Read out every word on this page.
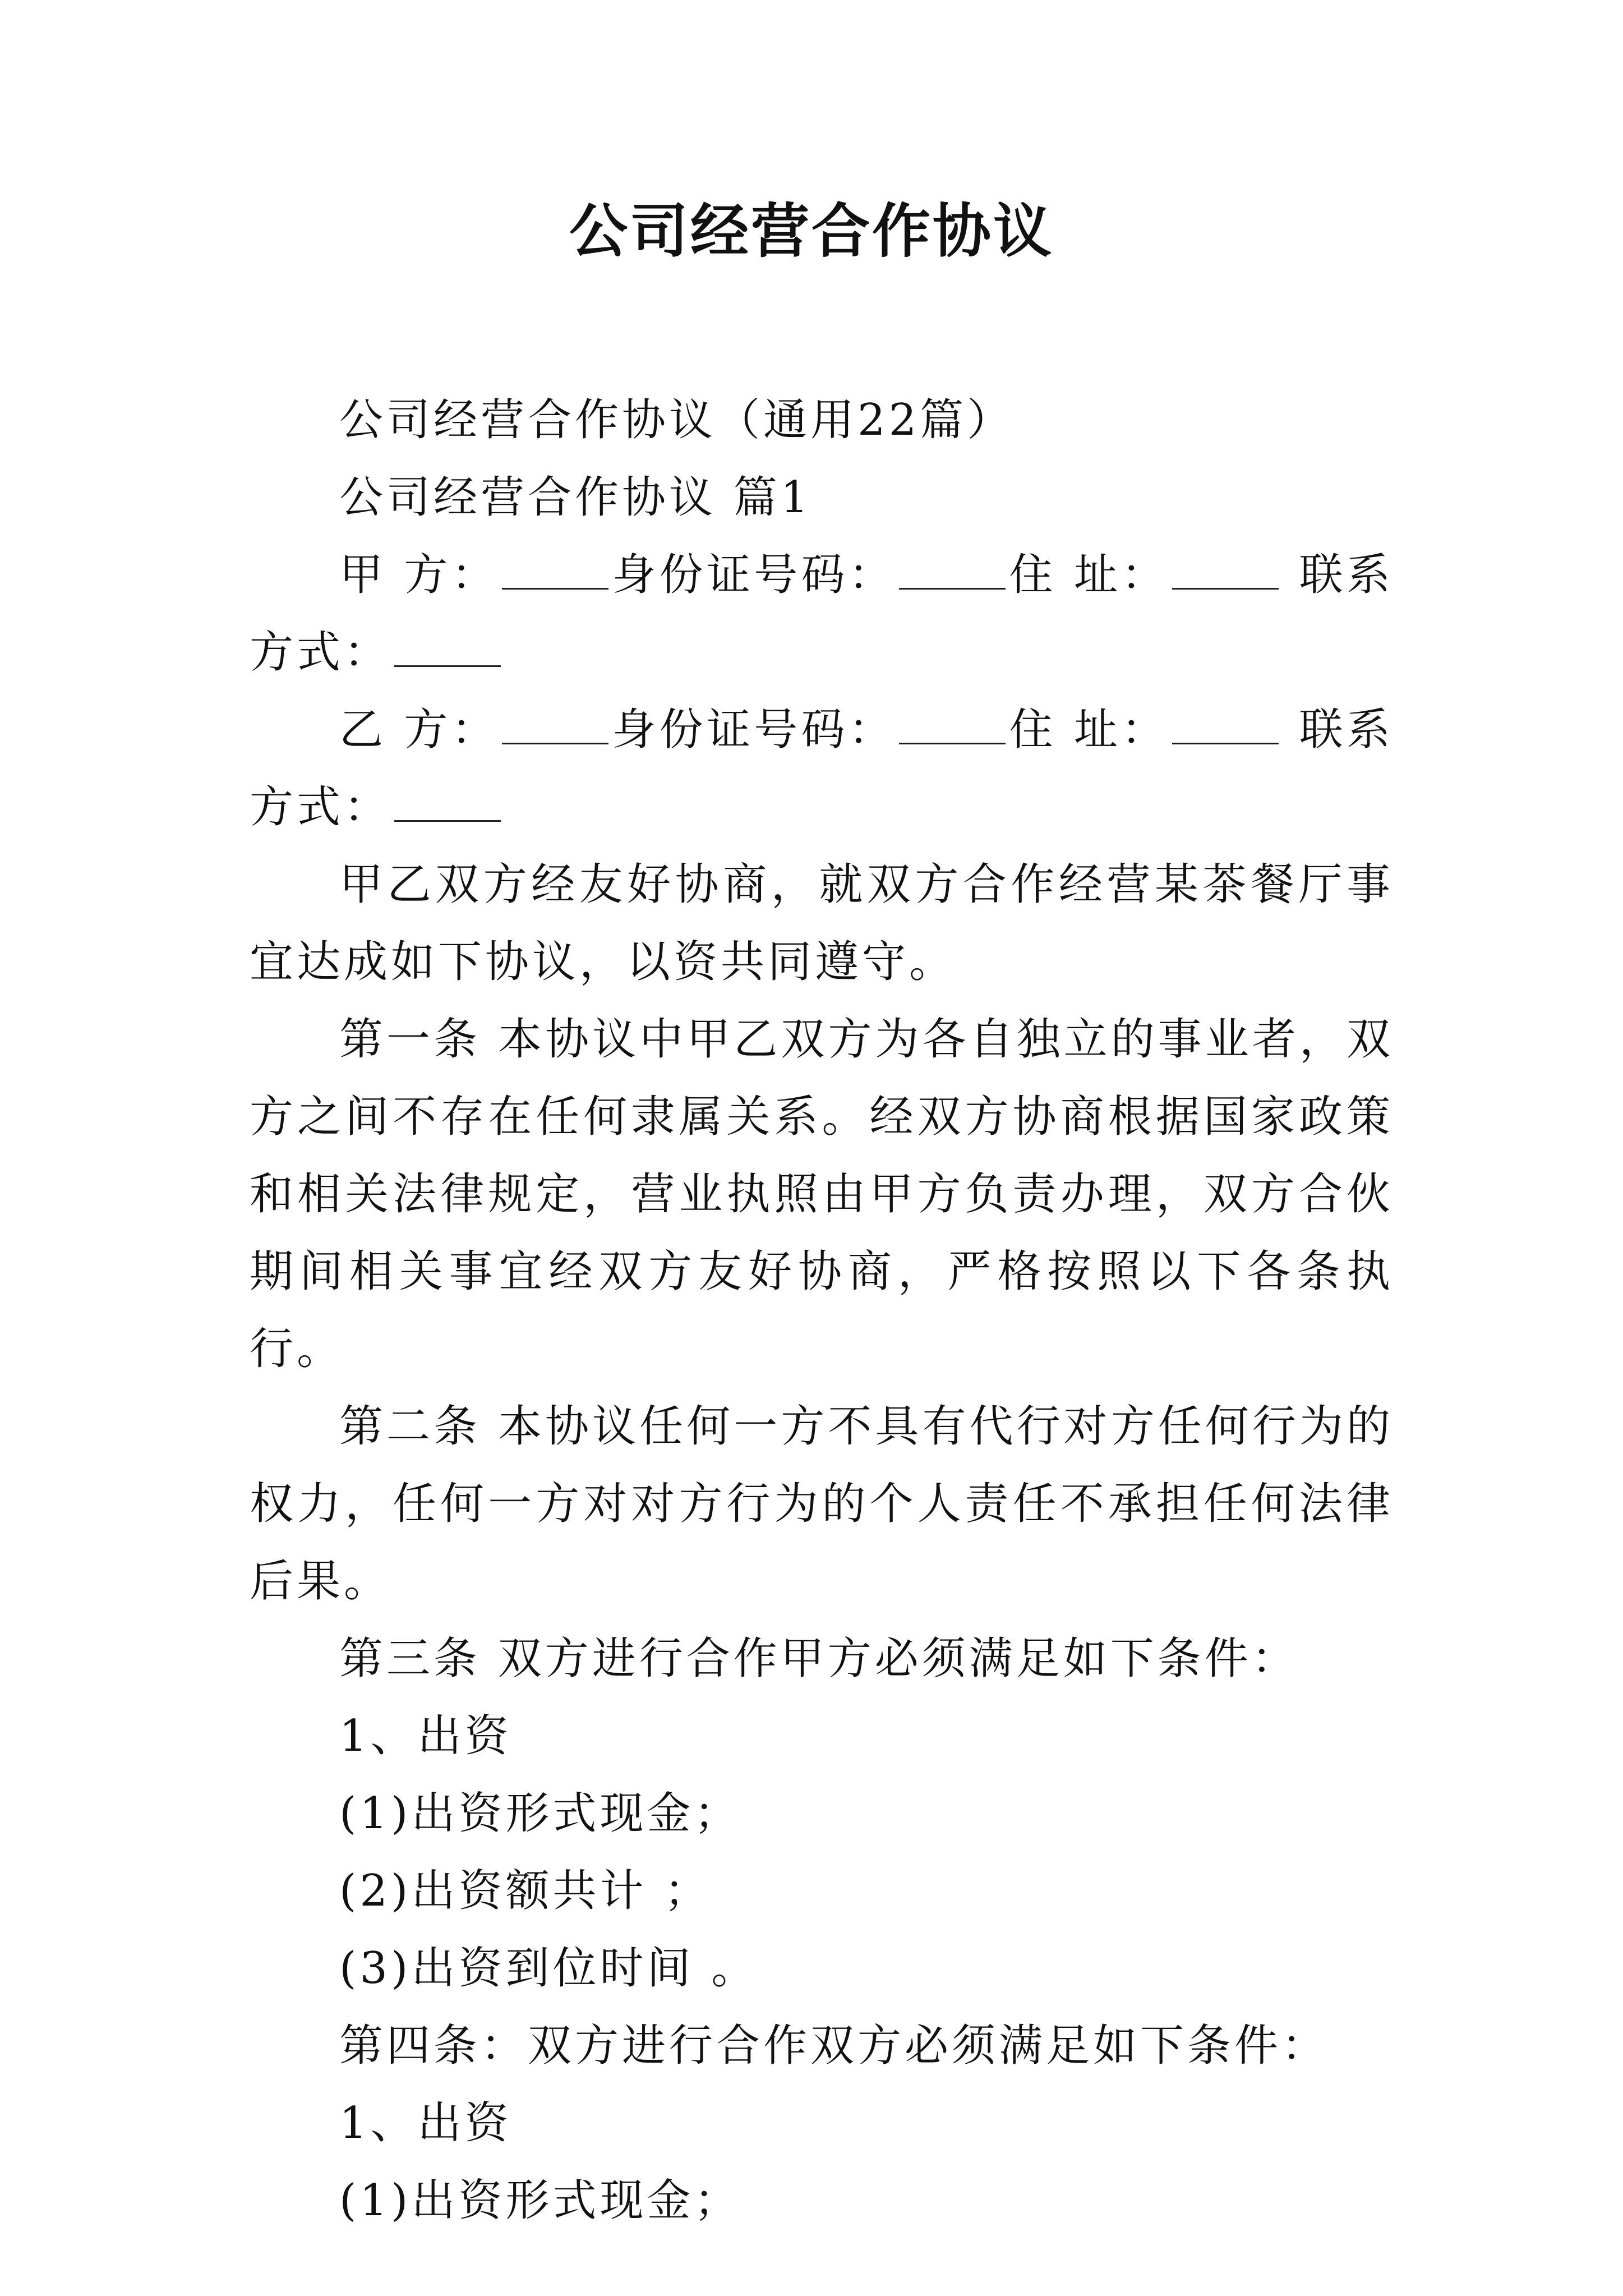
公司经营合作协议

公司经营合作协议（通用22篇）

公司经营合作协议 篇1

甲 方：	身份证号码：	住 址：	联系方式：

乙 方：	身份证号码：	住 址：	联系方式：

甲乙双方经友好协商，就双方合作经营某茶餐厅事宜达成如下协议，以资共同遵守。

第一条 本协议中甲乙双方为各自独立的事业者，双方之间不存在任何隶属关系。经双方协商根据国家政策和相关法律规定，营业执照由甲方负责办理，双方合伙期间相关事宜经双方友好协商，严格按照以下各条执行。

第二条 本协议任何一方不具有代行对方任何行为的权力，任何一方对对方行为的个人责任不承担任何法律后果。

第三条 双方进行合作甲方必须满足如下条件：

1、出资

(1)出资形式现金；

(2)出资额共计 ；

(3)出资到位时间 。

第四条：双方进行合作双方必须满足如下条件：

1、出资

(1)出资形式现金；
